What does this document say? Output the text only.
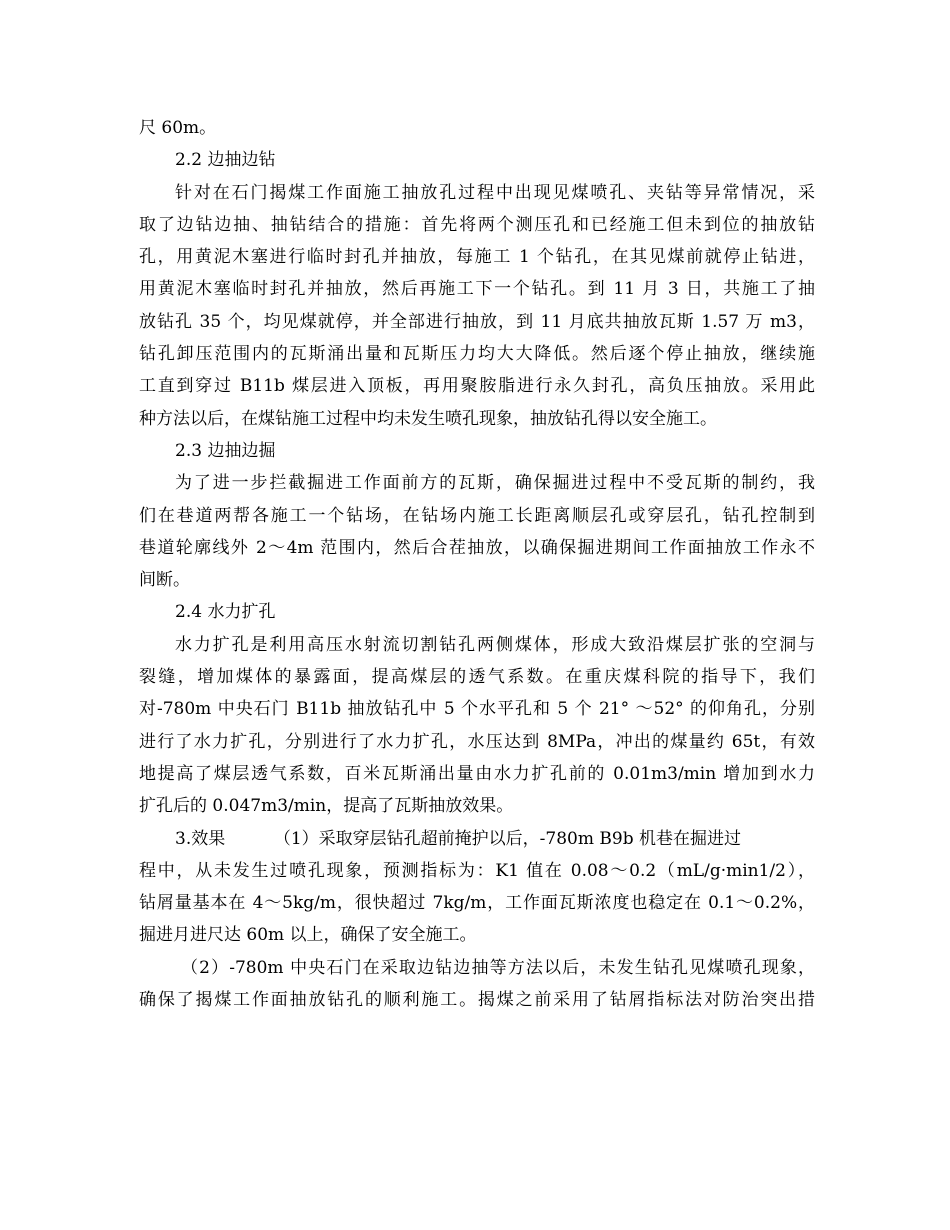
尺 60m。
2.2 边抽边钻
针对在石门揭煤工作面施工抽放孔过程中出现见煤喷孔、夹钻等异常情况，采
取了边钻边抽、抽钻结合的措施：首先将两个测压孔和已经施工但未到位的抽放钻
孔，用黄泥木塞进行临时封孔并抽放，每施工 1 个钻孔，在其见煤前就停止钻进，
用黄泥木塞临时封孔并抽放，然后再施工下一个钻孔。到 11 月 3 日，共施工了抽
放钻孔 35 个，均见煤就停，并全部进行抽放，到 11 月底共抽放瓦斯 1.57 万 m3，
钻孔卸压范围内的瓦斯涌出量和瓦斯压力均大大降低。然后逐个停止抽放，继续施
工直到穿过 B11b 煤层进入顶板，再用聚胺脂进行永久封孔，高负压抽放。采用此
种方法以后，在煤钻施工过程中均未发生喷孔现象，抽放钻孔得以安全施工。
2.3 边抽边掘
为了进一步拦截掘进工作面前方的瓦斯，确保掘进过程中不受瓦斯的制约，我
们在巷道两帮各施工一个钻场，在钻场内施工长距离顺层孔或穿层孔，钻孔控制到
巷道轮廓线外 2～4m 范围内，然后合茬抽放，以确保掘进期间工作面抽放工作永不
间断。
2.4 水力扩孔
水力扩孔是利用高压水射流切割钻孔两侧煤体，形成大致沿煤层扩张的空洞与
裂缝，增加煤体的暴露面，提高煤层的透气系数。在重庆煤科院的指导下，我们
对-780m 中央石门 B11b 抽放钻孔中 5 个水平孔和 5 个 21° ～52° 的仰角孔，分别
进行了水力扩孔，分别进行了水力扩孔，水压达到 8MPa，冲出的煤量约 65t，有效
地提高了煤层透气系数，百米瓦斯涌出量由水力扩孔前的 0.01m3/min 增加到水力
扩孔后的 0.047m3/min，提高了瓦斯抽放效果。
3.效果         （1）采取穿层钻孔超前掩护以后，-780m B9b 机巷在掘进过
程中，从未发生过喷孔现象，预测指标为：K1 值在 0.08～0.2（mL/g·min1/2），
钻屑量基本在 4～5kg/m，很快超过 7kg/m，工作面瓦斯浓度也稳定在 0.1～0.2%，
掘进月进尺达 60m 以上，确保了安全施工。
（2）-780m 中央石门在采取边钻边抽等方法以后，未发生钻孔见煤喷孔现象，
确保了揭煤工作面抽放钻孔的顺利施工。揭煤之前采用了钻屑指标法对防治突出措
